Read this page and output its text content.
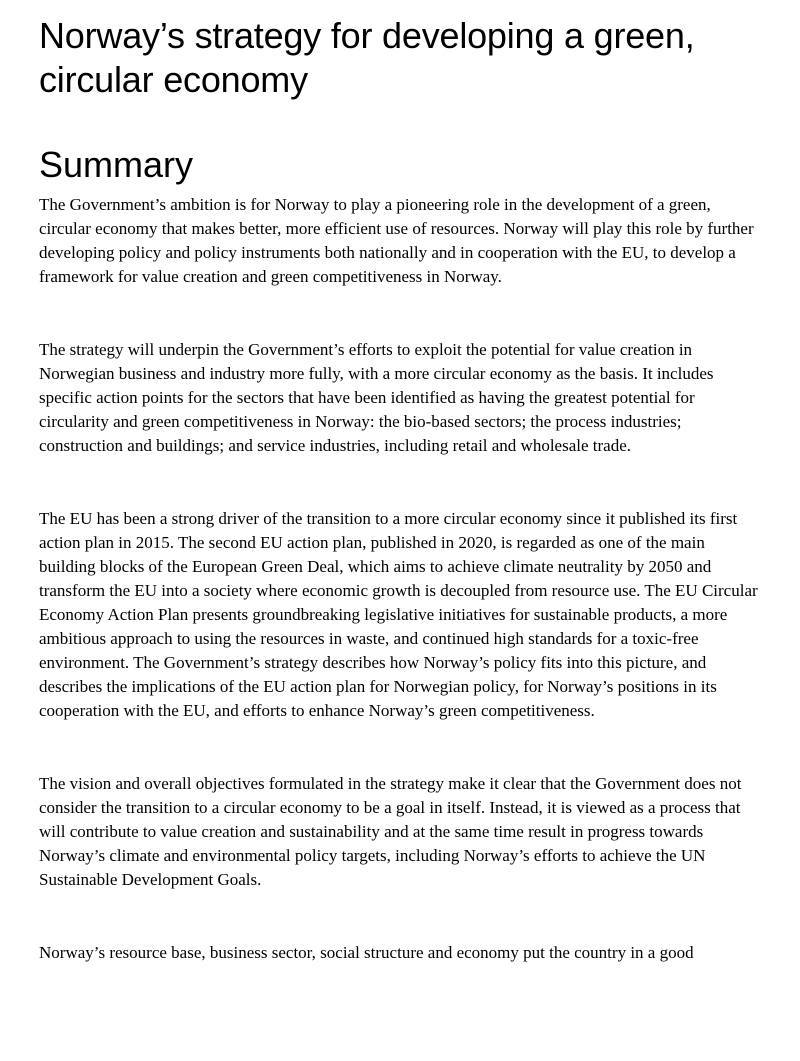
Norway’s strategy for developing a green, circular economy
Summary

The Government’s ambition is for Norway to play a pioneering role in the development of a green, circular economy that makes better, more efficient use of resources. Norway will play this role by further developing policy and policy instruments both nationally and in cooperation with the EU, to develop a framework for value creation and green competitiveness in Norway.

The strategy will underpin the Government’s efforts to exploit the potential for value creation in Norwegian business and industry more fully, with a more circular economy as the basis. It includes specific action points for the sectors that have been identified as having the greatest potential for circularity and green competitiveness in Norway: the bio-based sectors; the process industries; construction and buildings; and service industries, including retail and wholesale trade.

The EU has been a strong driver of the transition to a more circular economy since it published its first action plan in 2015. The second EU action plan, published in 2020, is regarded as one of the main building blocks of the European Green Deal, which aims to achieve climate neutrality by 2050 and transform the EU into a society where economic growth is decoupled from resource use. The EU Circular Economy Action Plan presents groundbreaking legislative initiatives for sustainable products, a more ambitious approach to using the resources in waste, and continued high standards for a toxic-free environment. The Government’s strategy describes how Norway’s policy fits into this picture, and describes the implications of the EU action plan for Norwegian policy, for Norway’s positions in its cooperation with the EU, and efforts to enhance Norway’s green competitiveness.

The vision and overall objectives formulated in the strategy make it clear that the Government does not consider the transition to a circular economy to be a goal in itself. Instead, it is viewed as a process that will contribute to value creation and sustainability and at the same time result in progress towards Norway’s climate and environmental policy targets, including Norway’s efforts to achieve the UN Sustainable Development Goals.

Norway’s resource base, business sector, social structure and economy put the country in a good
